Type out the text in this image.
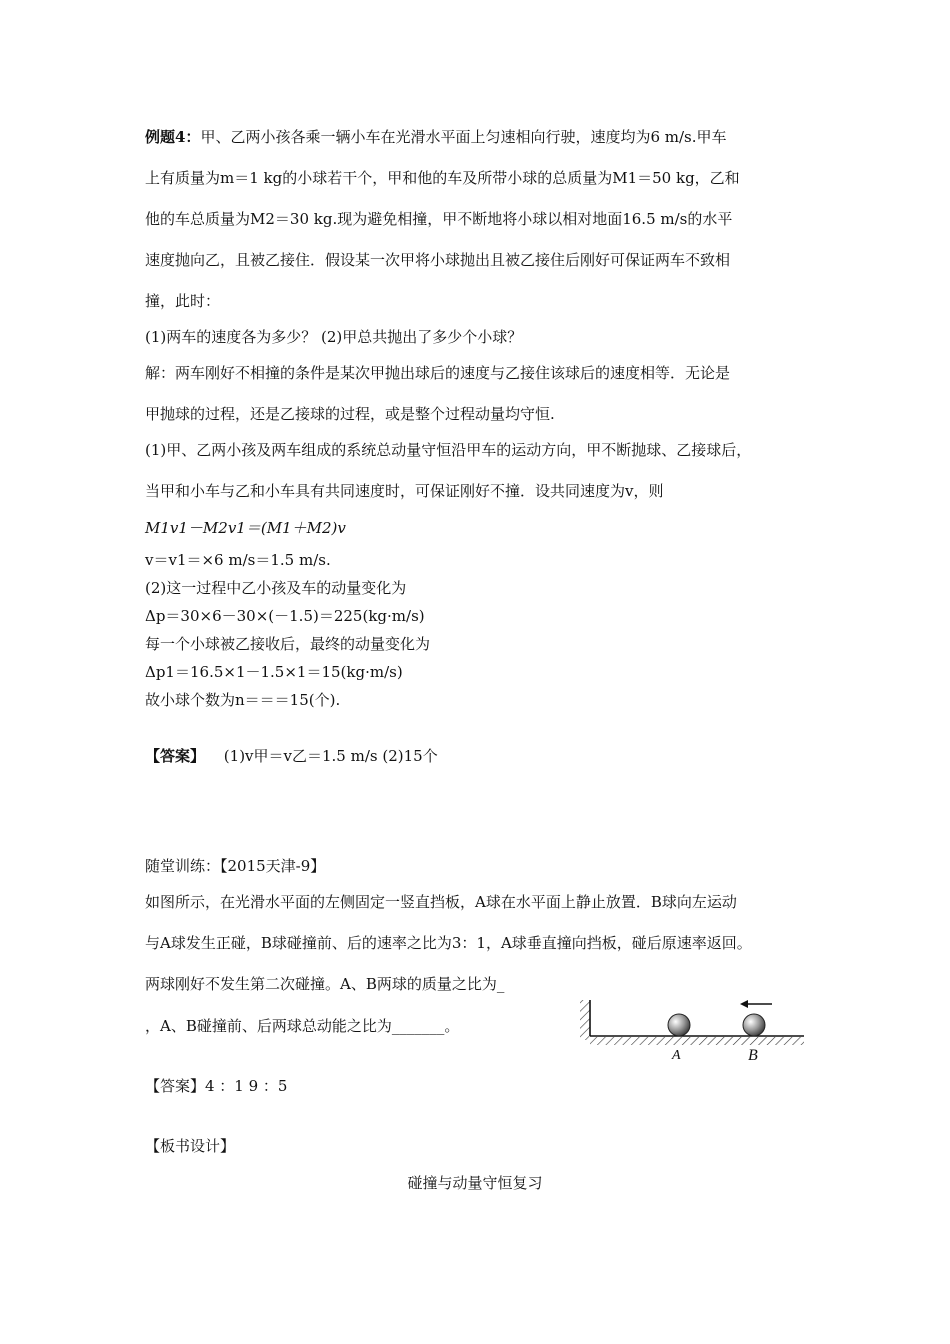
例题4：甲、乙两小孩各乘一辆小车在光滑水平面上匀速相向行驶，速度均为6 m/s.甲车
上有质量为m＝1 kg的小球若干个，甲和他的车及所带小球的总质量为M1＝50 kg，乙和
他的车总质量为M2＝30 kg.现为避免相撞，甲不断地将小球以相对地面16.5 m/s的水平
速度抛向乙，且被乙接住．假设某一次甲将小球抛出且被乙接住后刚好可保证两车不致相
撞，此时：
(1)两车的速度各为多少？ (2)甲总共抛出了多少个小球？
解：两车刚好不相撞的条件是某次甲抛出球后的速度与乙接住该球后的速度相等．无论是
甲抛球的过程，还是乙接球的过程，或是整个过程动量均守恒.
(1)甲、乙两小孩及两车组成的系统总动量守恒沿甲车的运动方向，甲不断抛球、乙接球后，
当甲和小车与乙和小车具有共同速度时，可保证刚好不撞．设共同速度为v，则
M1v1－M2v1＝(M1＋M2)v
v＝v1＝×6 m/s＝1.5 m/s.
(2)这一过程中乙小孩及车的动量变化为
Δp＝30×6－30×(－1.5)＝225(kg·m/s)
每一个小球被乙接收后，最终的动量变化为
Δp1＝16.5×1－1.5×1＝15(kg·m/s)
故小球个数为n＝＝＝15(个).
【答案】 (1)v甲＝v乙＝1.5 m/s (2)15个
随堂训练：【2015天津-9】
如图所示，在光滑水平面的左侧固定一竖直挡板，A球在水平面上静止放置．B球向左运动
与A球发生正碰，B球碰撞前、后的速率之比为3：1，A球垂直撞向挡板，碰后原速率返回。
两球刚好不发生第二次碰撞。A、B两球的质量之比为_
，A、B碰撞前、后两球总动能之比为_______。
A	B
【答案】4 ：1 9 ：5
【板书设计】
碰撞与动量守恒复习
